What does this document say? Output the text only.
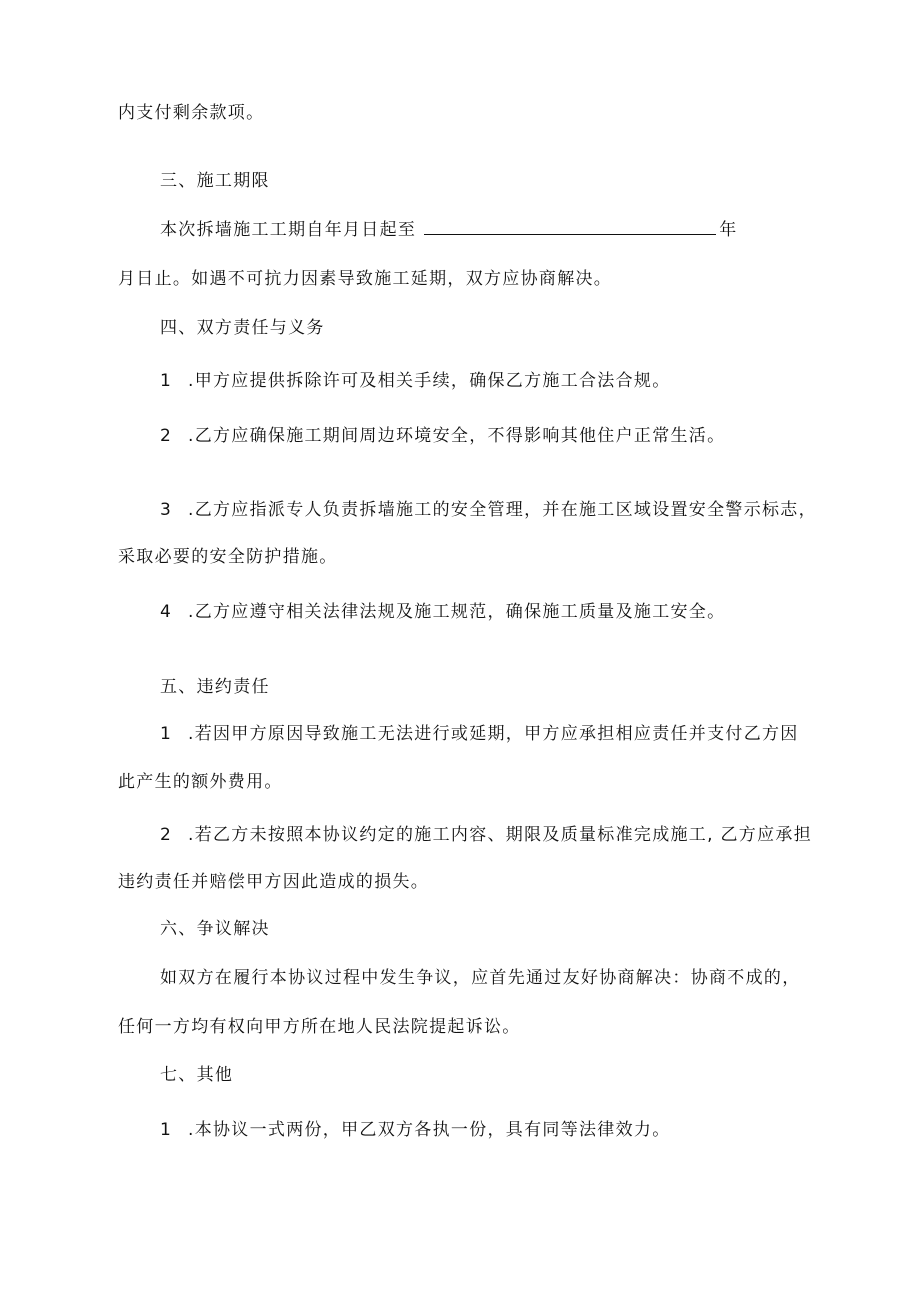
内支付剩余款项。
三、施工期限
本次拆墙施工工期自年月日起至	年
月日止。如遇不可抗力因素导致施工延期，双方应协商解决。
四、双方责任与义务
1 .甲方应提供拆除许可及相关手续，确保乙方施工合法合规。
2 .乙方应确保施工期间周边环境安全，不得影响其他住户正常生活。
3 .乙方应指派专人负责拆墙施工的安全管理，并在施工区域设置安全警示标志，
采取必要的安全防护措施。
4 .乙方应遵守相关法律法规及施工规范，确保施工质量及施工安全。
五、违约责任
1 .若因甲方原因导致施工无法进行或延期，甲方应承担相应责任并支付乙方因
此产生的额外费用。
2 .若乙方未按照本协议约定的施工内容、期限及质量标准完成施工, 乙方应承担
违约责任并赔偿甲方因此造成的损失。
六、争议解决
如双方在履行本协议过程中发生争议，应首先通过友好协商解决：协商不成的，
任何一方均有权向甲方所在地人民法院提起诉讼。
七、其他
1 .本协议一式两份，甲乙双方各执一份，具有同等法律效力。
